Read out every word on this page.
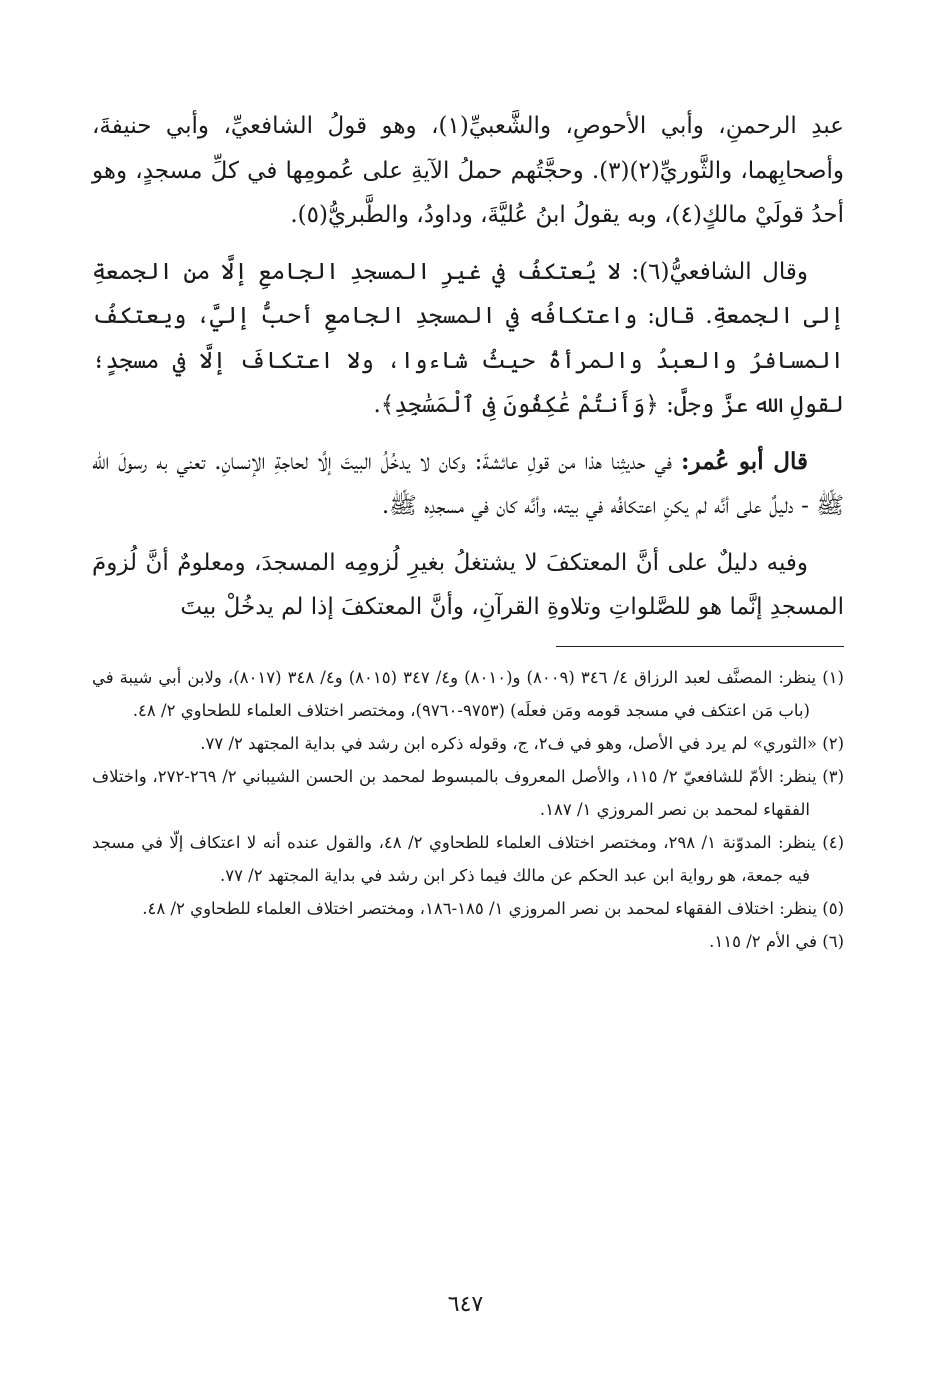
عبدِ الرحمنِ، وأبي الأحوصِ، والشَّعبيِّ(١)، وهو قولُ الشافعيِّ، وأبي حنيفةَ، وأصحابِهما، والثَّوريِّ(٢)(٣). وحجَّتُهم حملُ الآيةِ على عُمومِها في كلِّ مسجدٍ، وهو أحدُ قولَيْ مالكٍ(٤)، وبه يقولُ ابنُ عُليَّةَ، وداودُ، والطَّبريُّ(٥).

وقال الشافعيُّ(٦): لا يُعتكفُ في غيرِ المسجدِ الجامعِ إلَّا من الجمعةِ إلى الجمعةِ. قال: واعتكافُه في المسجدِ الجامعِ أحبُّ إليَّ، ويعتكفُ المسافرُ والعبدُ والمرأةُ حيثُ شاءوا، ولا اعتكافَ إلَّا في مسجدٍ؛ لقولِ الله عزَّ وجلَّ: ﴿وَأَنتُمْ عَٰكِفُونَ فِى ٱلْمَسَٰجِدِ﴾.

قال أبو عُمر: في حديثِنا هذا من قولِ عائشةَ: وكان لا يدخُلُ البيتَ إلَّا لحاجةِ الإنسانِ. تعني به رسولَ الله ﷺ - دليلٌ على أنَّه لم يكنِ اعتكافُه في بيته، وأنَّه كان في مسجدِه ﷺ.

وفيه دليلٌ على أنَّ المعتكفَ لا يشتغلُ بغيرِ لُزومِه المسجدَ، ومعلومٌ أنَّ لُزومَ المسجدِ إنَّما هو للصَّلواتِ وتلاوةِ القرآنِ، وأنَّ المعتكفَ إذا لم يدخُلْ بيتَ

(١) ينظر: المصنَّف لعبد الرزاق ٤/ ٣٤٦ (٨٠٠٩) و(٨٠١٠) و٤/ ٣٤٧ (٨٠١٥) و٤/ ٣٤٨ (٨٠١٧)، ولابن أبي شيبة في (باب مَن اعتكف في مسجد قومه ومَن فعلَه) (٩٧٥٣-٩٧٦٠)، ومختصر اختلاف العلماء للطحاوي ٢/ ٤٨.

(٢) «الثوري» لم يرد في الأصل، وهو في ف٢، ج، وقوله ذكره ابن رشد في بداية المجتهد ٢/ ٧٧.

(٣) ينظر: الأمّ للشافعيّ ٢/ ١١٥، والأصل المعروف بالمبسوط لمحمد بن الحسن الشيباني ٢/ ٢٦٩-٢٧٢، واختلاف الفقهاء لمحمد بن نصر المروزي ١/ ١٨٧.

(٤) ينظر: المدوّنة ١/ ٢٩٨، ومختصر اختلاف العلماء للطحاوي ٢/ ٤٨، والقول عنده أنه لا اعتكاف إلّا في مسجد فيه جمعة، هو رواية ابن عبد الحكم عن مالك فيما ذكر ابن رشد في بداية المجتهد ٢/ ٧٧.

(٥) ينظر: اختلاف الفقهاء لمحمد بن نصر المروزي ١/ ١٨٥-١٨٦، ومختصر اختلاف العلماء للطحاوي ٢/ ٤٨.

(٦) في الأم ٢/ ١١٥.

٦٤٧
